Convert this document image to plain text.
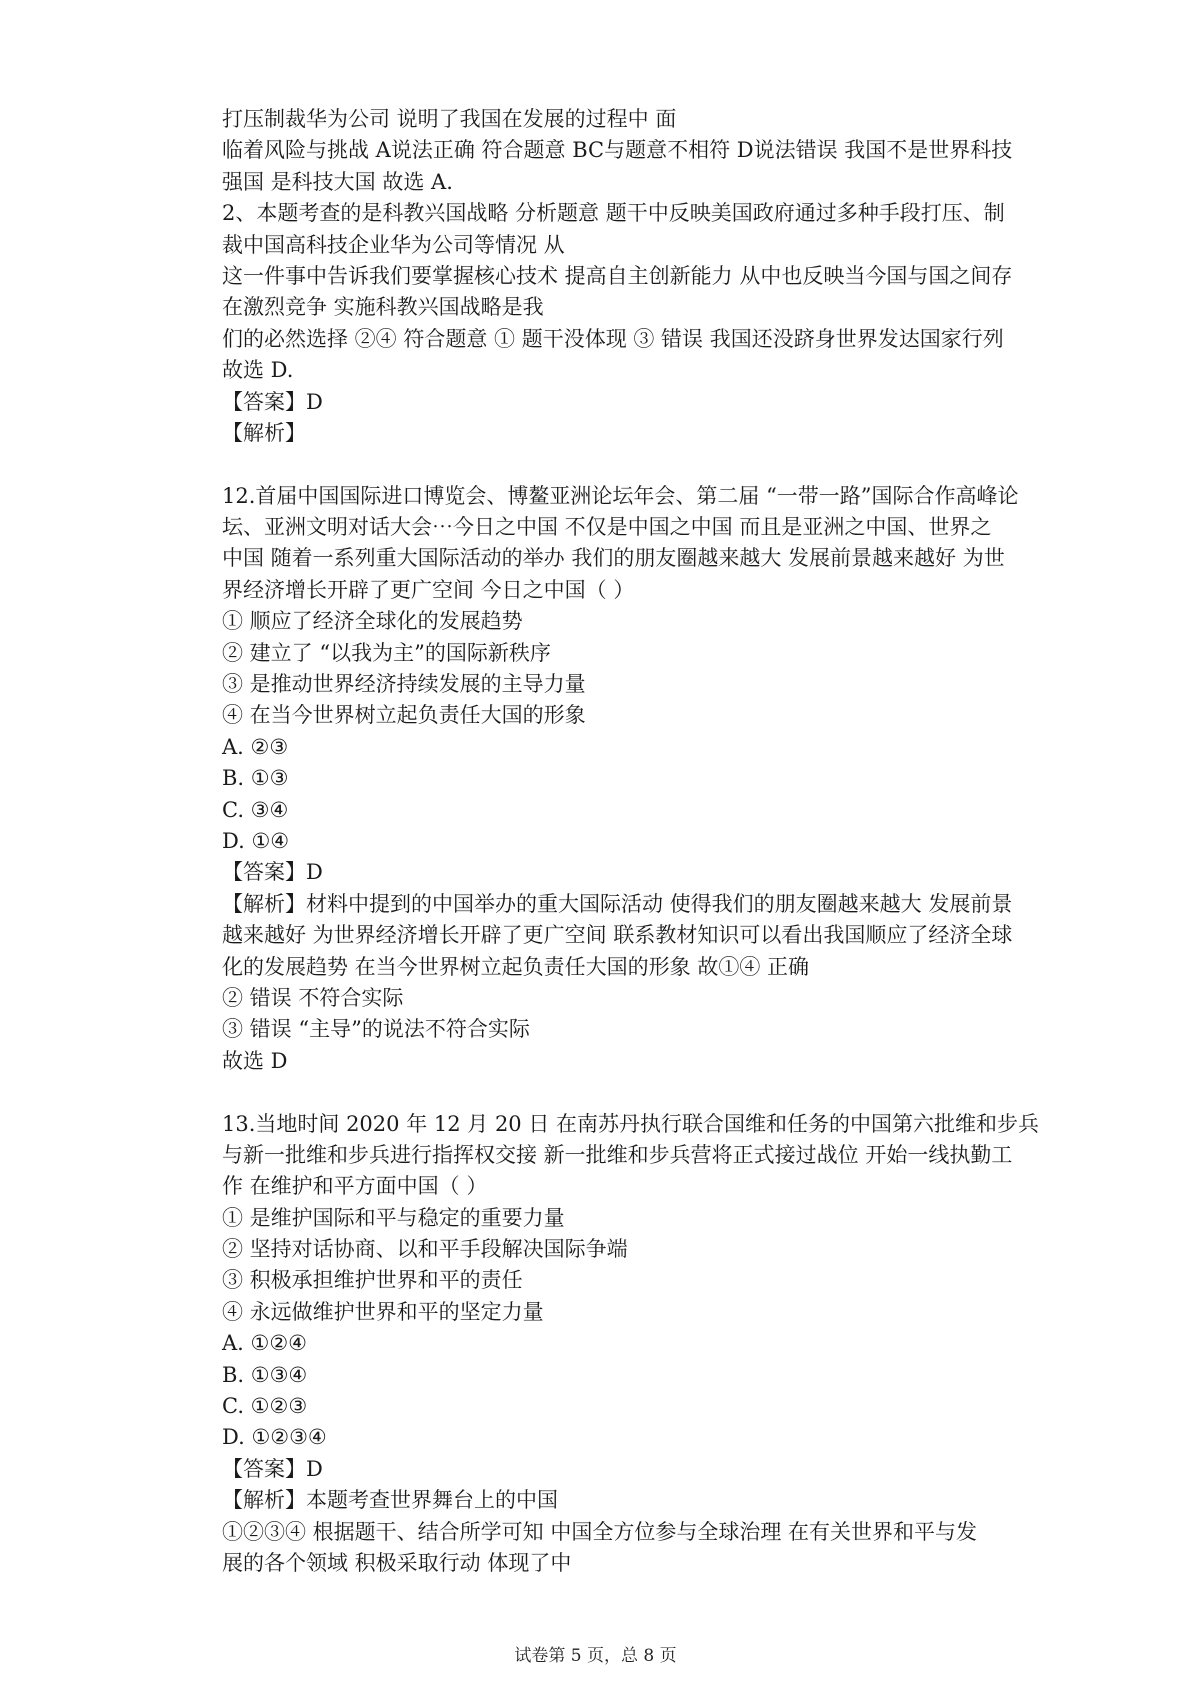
打压制裁华为公司 说明了我国在发展的过程中 面
临着风险与挑战 A说法正确 符合题意 BC与题意不相符 D说法错误 我国不是世界科技
强国 是科技大国 故选 A.
2、本题考查的是科教兴国战略 分析题意 题干中反映美国政府通过多种手段打压、制
裁中国高科技企业华为公司等情况 从
这一件事中告诉我们要掌握核心技术 提高自主创新能力 从中也反映当今国与国之间存
在激烈竞争 实施科教兴国战略是我
们的必然选择 ②④ 符合题意 ① 题干没体现 ③ 错误 我国还没跻身世界发达国家行列
故选 D.
【答案】D
【解析】
12.首届中国国际进口博览会、博鳌亚洲论坛年会、第二届 “一带一路”国际合作高峰论
坛、亚洲文明对话大会⋯今日之中国 不仅是中国之中国 而且是亚洲之中国、世界之
中国 随着一系列重大国际活动的举办 我们的朋友圈越来越大 发展前景越来越好 为世
界经济增长开辟了更广空间 今日之中国（ ）
① 顺应了经济全球化的发展趋势
② 建立了 “以我为主”的国际新秩序
③ 是推动世界经济持续发展的主导力量
④ 在当今世界树立起负责任大国的形象
A. ②③
B. ①③
C. ③④
D. ①④
【答案】D
【解析】材料中提到的中国举办的重大国际活动 使得我们的朋友圈越来越大 发展前景
越来越好 为世界经济增长开辟了更广空间 联系教材知识可以看出我国顺应了经济全球
化的发展趋势 在当今世界树立起负责任大国的形象 故①④ 正确
② 错误 不符合实际
③ 错误 “主导”的说法不符合实际
故选 D
13.当地时间 2020 年 12 月 20 日 在南苏丹执行联合国维和任务的中国第六批维和步兵
与新一批维和步兵进行指挥权交接 新一批维和步兵营将正式接过战位 开始一线执勤工
作 在维护和平方面中国（ ）
① 是维护国际和平与稳定的重要力量
② 坚持对话协商、以和平手段解决国际争端
③ 积极承担维护世界和平的责任
④ 永远做维护世界和平的坚定力量
A. ①②④
B. ①③④
C. ①②③
D. ①②③④
【答案】D
【解析】本题考查世界舞台上的中国
①②③④ 根据题干、结合所学可知 中国全方位参与全球治理 在有关世界和平与发
展的各个领域 积极采取行动 体现了中
试卷第 5 页，总 8 页
